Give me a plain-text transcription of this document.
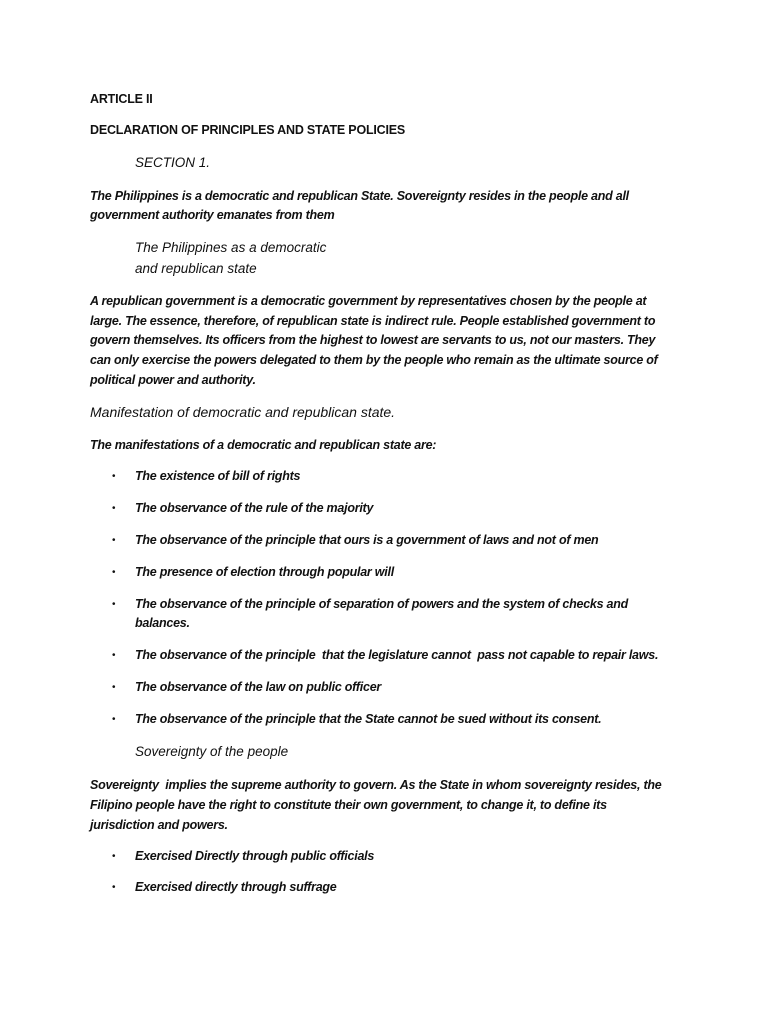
ARTICLE II

DECLARATION OF PRINCIPLES AND STATE POLICIES

SECTION 1.

The Philippines is a democratic and republican State. Sovereignty resides in the people and all

government authority emanates from them

The Philippines as a democratic

and republican state

A republican government is a democratic government by representatives chosen by the people at

large. The essence, therefore, of republican state is indirect rule. People established government to

govern themselves. Its officers from the highest to lowest are servants to us, not our masters. They

can only exercise the powers delegated to them by the people who remain as the ultimate source of

political power and authority.

Manifestation of democratic and republican state.

The manifestations of a democratic and republican state are:

• The existence of bill of rights

• The observance of the rule of the majority

• The observance of the principle that ours is a government of laws and not of men

• The presence of election through popular will

• The observance of the principle of separation of powers and the system of checks and

balances.

• The observance of the principle  that the legislature cannot  pass not capable to repair laws.

• The observance of the law on public officer

• The observance of the principle that the State cannot be sued without its consent.

Sovereignty of the people

Sovereignty  implies the supreme authority to govern. As the State in whom sovereignty resides, the

Filipino people have the right to constitute their own government, to change it, to define its

jurisdiction and powers.

• Exercised Directly through public officials

• Exercised directly through suffrage
